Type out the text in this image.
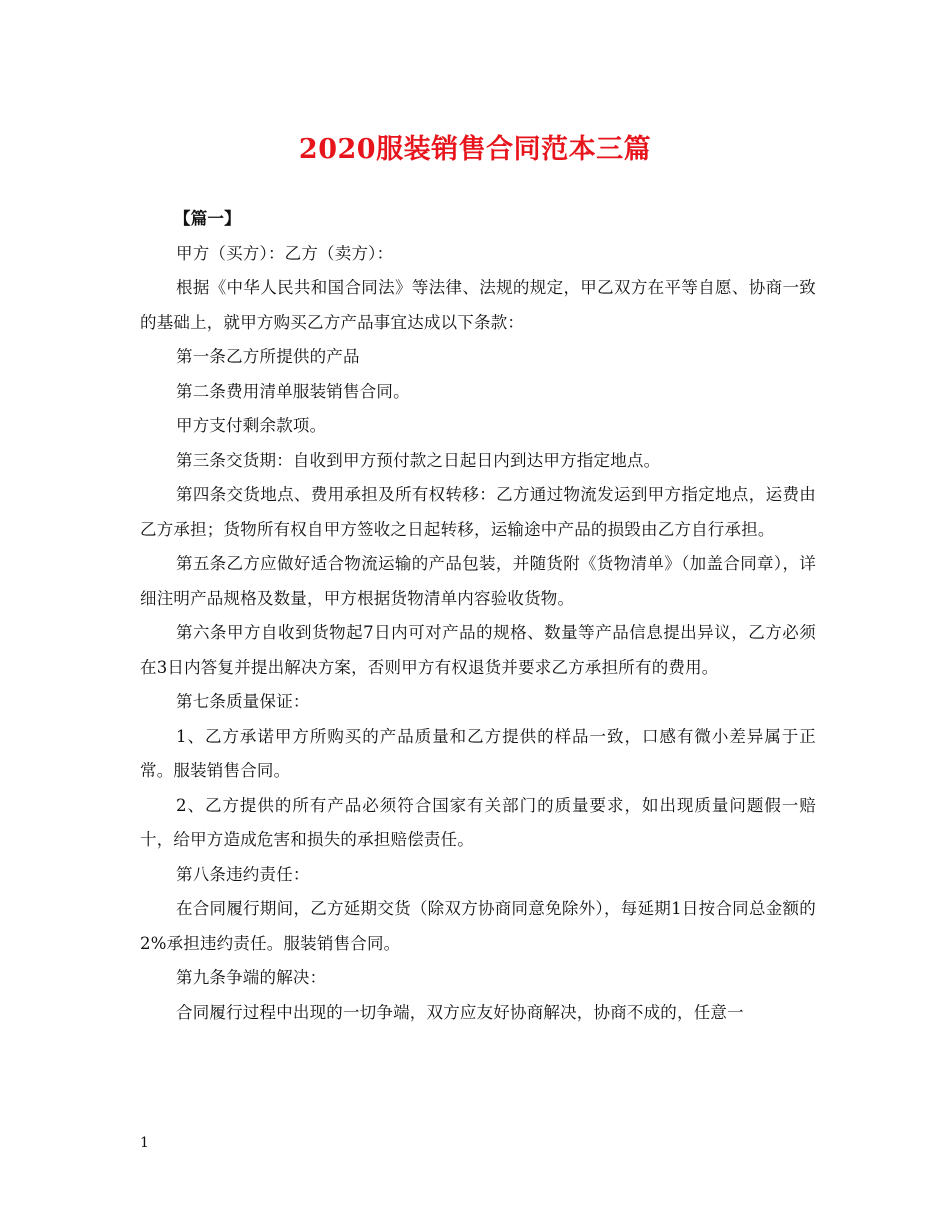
2020服装销售合同范本三篇

【篇一】

甲方（买方）：乙方（卖方）：

根据《中华人民共和国合同法》等法律、法规的规定，甲乙双方在平等自愿、协商一致的基础上，就甲方购买乙方产品事宜达成以下条款：

第一条乙方所提供的产品

第二条费用清单服装销售合同。

甲方支付剩余款项。

第三条交货期：自收到甲方预付款之日起日内到达甲方指定地点。

第四条交货地点、费用承担及所有权转移：乙方通过物流发运到甲方指定地点，运费由乙方承担；货物所有权自甲方签收之日起转移，运输途中产品的损毁由乙方自行承担。

第五条乙方应做好适合物流运输的产品包装，并随货附《货物清单》（加盖合同章），详细注明产品规格及数量，甲方根据货物清单内容验收货物。

第六条甲方自收到货物起7日内可对产品的规格、数量等产品信息提出异议，乙方必须在3日内答复并提出解决方案，否则甲方有权退货并要求乙方承担所有的费用。

第七条质量保证：

1、乙方承诺甲方所购买的产品质量和乙方提供的样品一致，口感有微小差异属于正常。服装销售合同。

2、乙方提供的所有产品必须符合国家有关部门的质量要求，如出现质量问题假一赔十，给甲方造成危害和损失的承担赔偿责任。

第八条违约责任：

在合同履行期间，乙方延期交货（除双方协商同意免除外），每延期1日按合同总金额的2%承担违约责任。服装销售合同。

第九条争端的解决：

合同履行过程中出现的一切争端，双方应友好协商解决，协商不成的，任意一

1
